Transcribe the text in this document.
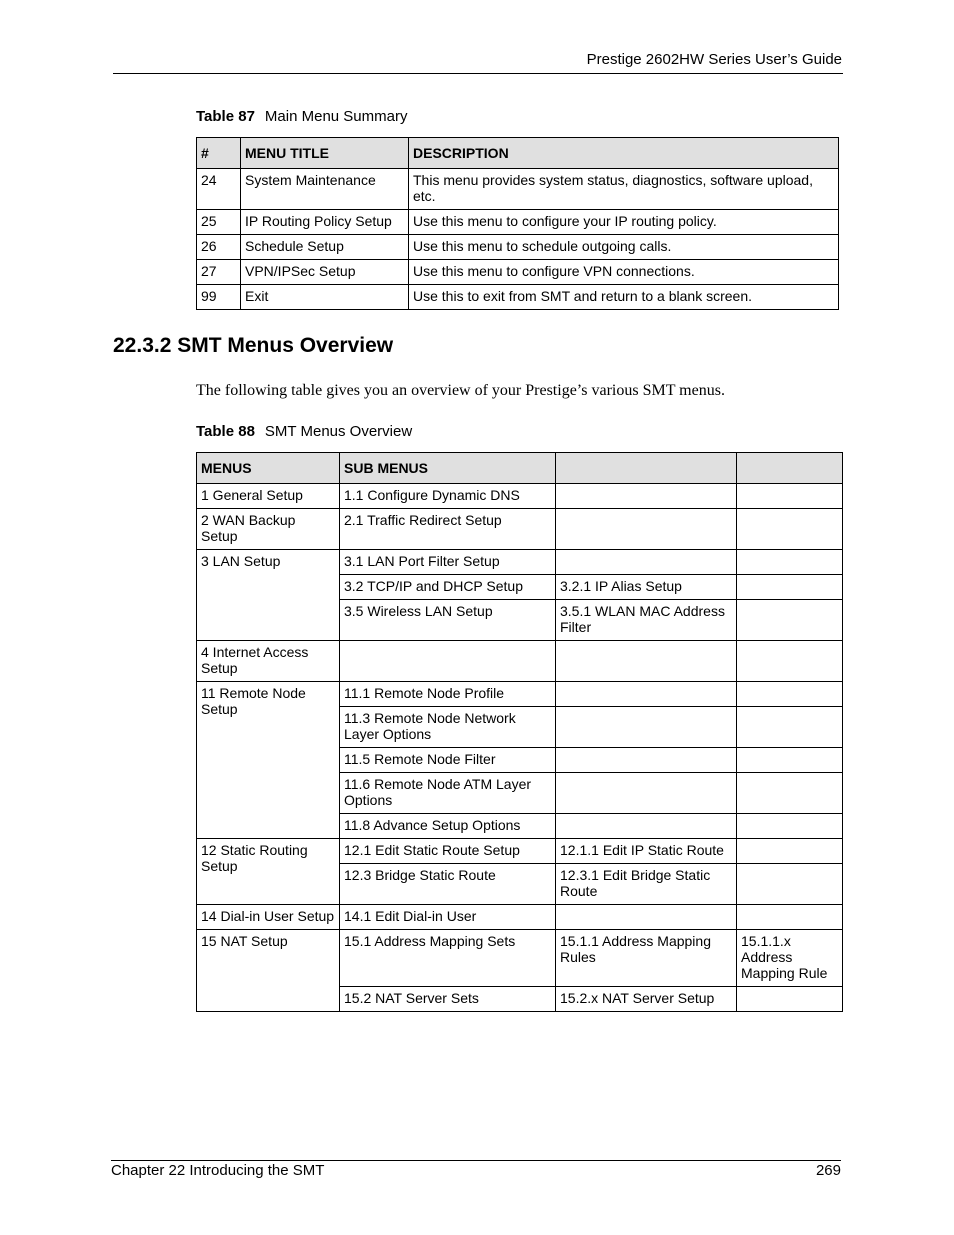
Prestige 2602HW Series User’s Guide
Table 87 Main Menu Summary
#	MENU TITLE	DESCRIPTION
24	System Maintenance	This menu provides system status, diagnostics, software upload, etc.
25	IP Routing Policy Setup	Use this menu to configure your IP routing policy.
26	Schedule Setup	Use this menu to schedule outgoing calls.
27	VPN/IPSec Setup	Use this menu to configure VPN connections.
99	Exit	Use this to exit from SMT and return to a blank screen.
22.3.2 SMT Menus Overview

The following table gives you an overview of your Prestige’s various SMT menus.

Table 88 SMT Menus Overview
MENUS	SUB MENUS		
1 General Setup	1.1 Configure Dynamic DNS		
2 WAN Backup Setup	2.1 Traffic Redirect Setup		
3 LAN Setup	3.1 LAN Port Filter Setup		
	3.2 TCP/IP and DHCP Setup	3.2.1 IP Alias Setup	
	3.5 Wireless LAN Setup	3.5.1 WLAN MAC Address Filter	
4 Internet Access Setup			
11 Remote Node Setup	11.1 Remote Node Profile		
	11.3 Remote Node Network Layer Options		
	11.5 Remote Node Filter		
	11.6 Remote Node ATM Layer Options		
	11.8 Advance Setup Options		
12 Static Routing Setup	12.1 Edit Static Route Setup	12.1.1 Edit IP Static Route	
	12.3 Bridge Static Route	12.3.1 Edit Bridge Static Route	
14 Dial-in User Setup	14.1 Edit Dial-in User		
15 NAT Setup	15.1 Address Mapping Sets	15.1.1 Address Mapping Rules	15.1.1.x Address Mapping Rule
	15.2 NAT Server Sets	15.2.x NAT Server Setup	
Chapter 22 Introducing the SMT	269
